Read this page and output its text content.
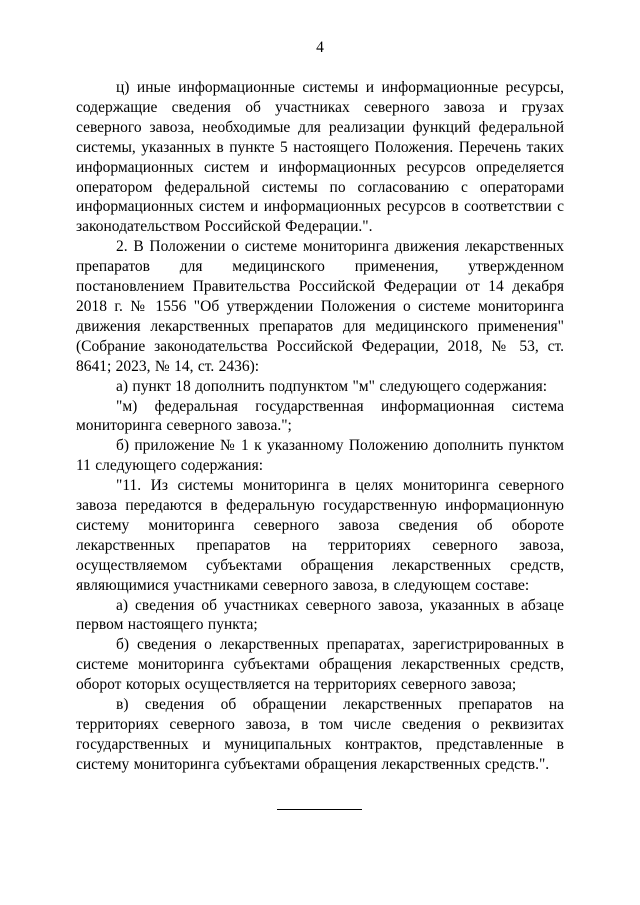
4

ц) иные информационные системы и информационные ресурсы, содержащие сведения об участниках северного завоза и грузах северного завоза, необходимые для реализации функций федеральной системы, указанных в пункте 5 настоящего Положения. Перечень таких информационных систем и информационных ресурсов определяется оператором федеральной системы по согласованию с операторами информационных систем и информационных ресурсов в соответствии с законодательством Российской Федерации.".

2. В Положении о системе мониторинга движения лекарственных препаратов для медицинского применения, утвержденном постановлением Правительства Российской Федерации от 14 декабря 2018 г. № 1556 "Об утверждении Положения о системе мониторинга движения лекарственных препаратов для медицинского применения" (Собрание законодательства Российской Федерации, 2018, № 53, ст. 8641; 2023, № 14, ст. 2436):

а) пункт 18 дополнить подпунктом "м" следующего содержания:

"м) федеральная государственная информационная система мониторинга северного завоза.";

б) приложение № 1 к указанному Положению дополнить пунктом 11 следующего содержания:

"11. Из системы мониторинга в целях мониторинга северного завоза передаются в федеральную государственную информационную систему мониторинга северного завоза сведения об обороте лекарственных препаратов на территориях северного завоза, осуществляемом субъектами обращения лекарственных средств, являющимися участниками северного завоза, в следующем составе:

а) сведения об участниках северного завоза, указанных в абзаце первом настоящего пункта;

б) сведения о лекарственных препаратах, зарегистрированных в системе мониторинга субъектами обращения лекарственных средств, оборот которых осуществляется на территориях северного завоза;

в) сведения об обращении лекарственных препаратов на территориях северного завоза, в том числе сведения о реквизитах государственных и муниципальных контрактов, представленные в систему мониторинга субъектами обращения лекарственных средств.".
